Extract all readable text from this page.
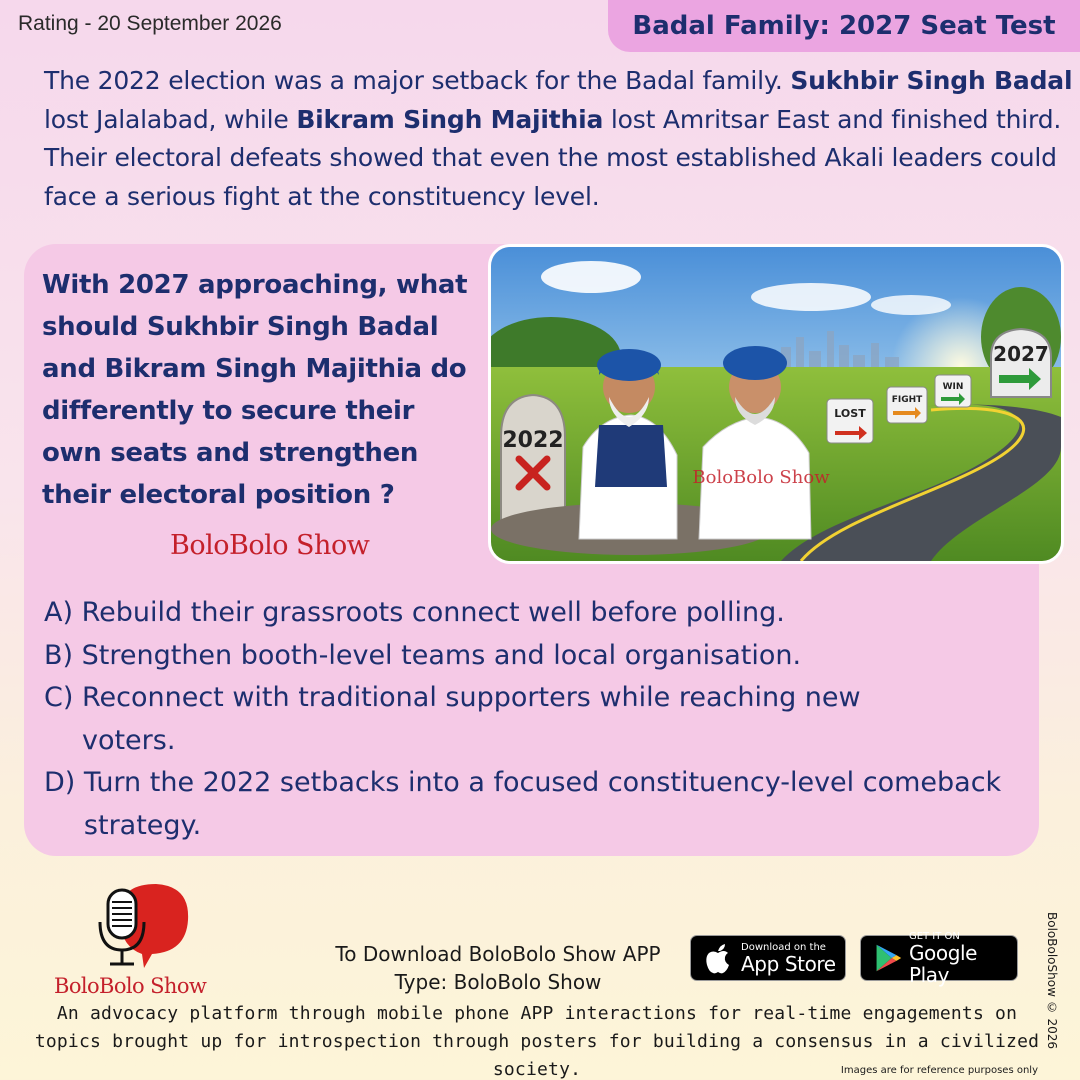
Rating - 20 September 2026	Badal Family: 2027 Seat Test
The 2022 election was a major setback for the Badal family. Sukhbir Singh Badal lost Jalalabad, while Bikram Singh Majithia lost Amritsar East and finished third. Their electoral defeats showed that even the most established Akali leaders could face a serious fight at the constituency level.
With 2027 approaching, what should Sukhbir Singh Badal and Bikram Singh Majithia do differently to secure their own seats and strengthen their electoral position ?
BoloBolo Show
2022
BoloBolo Show
LOST
FIGHT
WIN
2027
A) Rebuild their grassroots connect well before polling.
B) Strengthen booth-level teams and local organisation.
C) Reconnect with traditional supporters while reaching new voters.
D) Turn the 2022 setbacks into a focused constituency-level comeback strategy.
BoloBolo Show
To Download BoloBolo Show APP
Type: BoloBolo Show
Download on the
App Store
GET IT ON
Google Play
An advocacy platform through mobile phone APP interactions for real-time engagements on topics brought up for introspection through posters for building a consensus in a civilized society.
BoloBoloShow © 2026
Images are for reference purposes only
